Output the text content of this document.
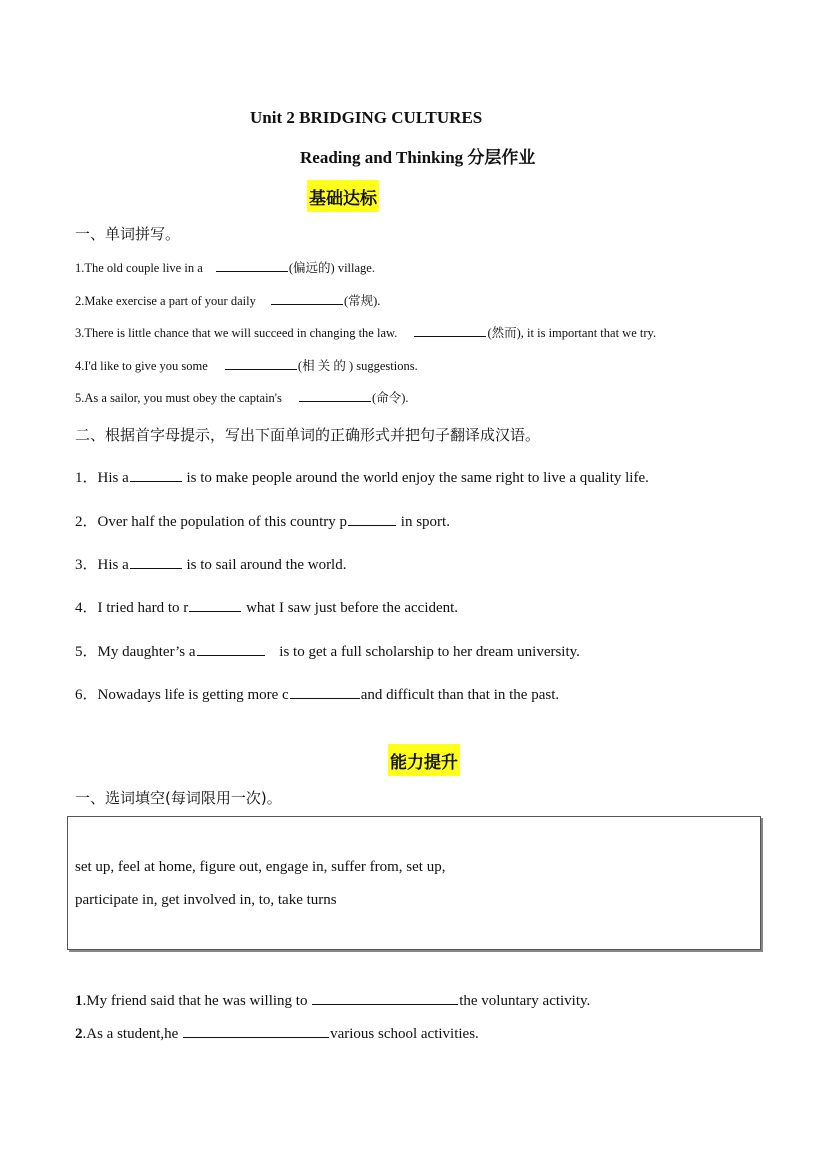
Unit 2 BRIDGING CULTURES
Reading and Thinking 分层作业
基础达标
一、单词拼写。
1.The old couple live in a	(偏远的) village.
2.Make exercise a part of your daily	(常规).
3.There is little chance that we will succeed in changing the law.	(然而), it is important that we try.
4.I'd like to give you some	(相 关 的 ) suggestions.
5.As a sailor, you must obey the captain's	(命令).
二、根据首字母提示，写出下面单词的正确形式并把句子翻译成汉语。
1．His a	is to make people around the world enjoy the same right to live a quality life.
2．Over half the population of this country p	in sport.
3．His a	is to sail around the world.
4．I tried hard to r	what I saw just before the accident.
5．My daughter’s a	is to get a full scholarship to her dream university.
6．Nowadays life is getting more c	and difficult than that in the past.
能力提升
一、选词填空(每词限用一次)。
set up, feel at home, figure out, engage in, suffer from, set up,
participate in, get involved in, to, take turns
1.My friend said that he was willing to	the voluntary activity.
2.As a student,he	various school activities.
